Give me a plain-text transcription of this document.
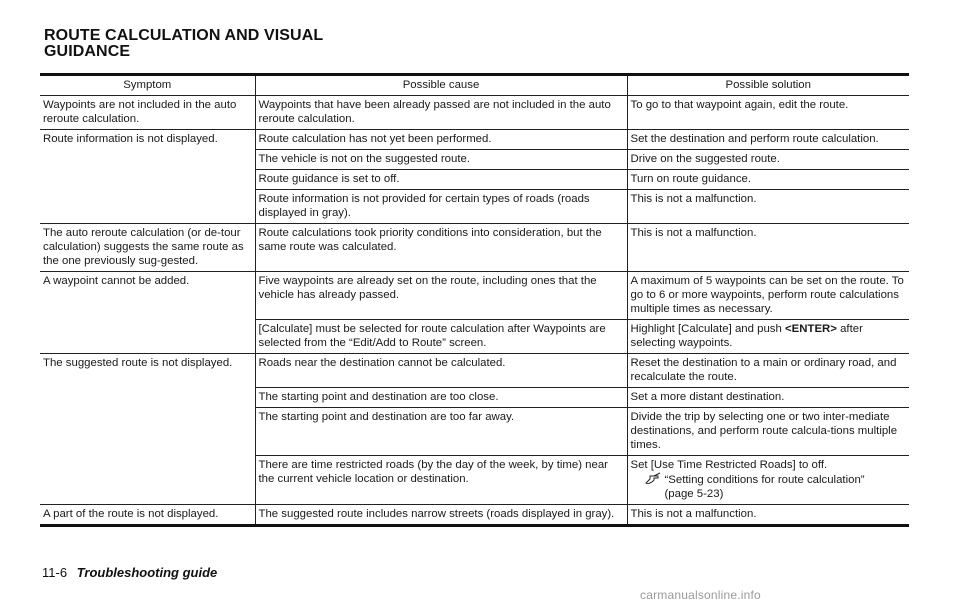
ROUTE CALCULATION AND VISUAL
GUIDANCE
Symptom	Possible cause	Possible solution
Waypoints are not included in the auto reroute calculation.	Waypoints that have been already passed are not included in the auto reroute calculation.	To go to that waypoint again, edit the route.
Route information is not displayed.	Route calculation has not yet been performed.	Set the destination and perform route calculation.
	The vehicle is not on the suggested route.	Drive on the suggested route.
	Route guidance is set to off.	Turn on route guidance.
	Route information is not provided for certain types of roads (roads displayed in gray).	This is not a malfunction.
The auto reroute calculation (or de-tour calculation) suggests the same route as the one previously sug-gested.	Route calculations took priority conditions into consideration, but the same route was calculated.	This is not a malfunction.
A waypoint cannot be added.	Five waypoints are already set on the route, including ones that the vehicle has already passed.	A maximum of 5 waypoints can be set on the route. To go to 6 or more waypoints, perform route calculations multiple times as necessary.
	[Calculate] must be selected for route calculation after Waypoints are selected from the “Edit/Add to Route” screen.	Highlight [Calculate] and push <ENTER> after selecting waypoints.
The suggested route is not displayed.	Roads near the destination cannot be calculated.	Reset the destination to a main or ordinary road, and recalculate the route.
	The starting point and destination are too close.	Set a more distant destination.
	The starting point and destination are too far away.	Divide the trip by selecting one or two inter-mediate destinations, and perform route calcula-tions multiple times.
	There are time restricted roads (by the day of the week, by time) near the current vehicle location or destination.	Set [Use Time Restricted Roads] to off.
“Setting conditions for route calculation”
(page 5-23)

A part of the route is not displayed.	The suggested route includes narrow streets (roads displayed in gray).	This is not a malfunction.
11-6 Troubleshooting guide
carmanualsonline.info
